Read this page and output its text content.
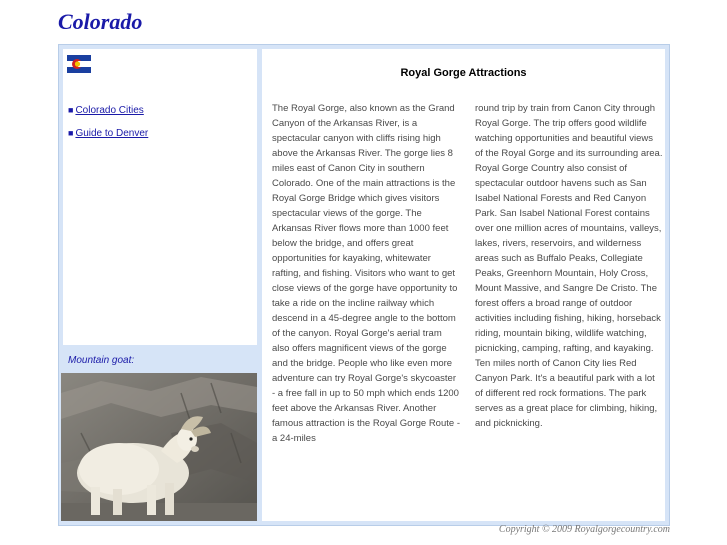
Colorado
■ Colorado Cities
■ Guide to Denver
Mountain goat:
Royal Gorge Attractions

The Royal Gorge, also known as the Grand Canyon of the Arkansas River, is a spectacular canyon with cliffs rising high above the Arkansas River. The gorge lies 8 miles east of Canon City in southern Colorado. One of the main attractions is the Royal Gorge Bridge which gives visitors spectacular views of the gorge. The Arkansas River flows more than 1000 feet below the bridge, and offers great opportunities for kayaking, whitewater rafting, and fishing. Visitors who want to get close views of the gorge have opportunity to take a ride on the incline railway which descend in a 45-degree angle to the bottom of the canyon. Royal Gorge's aerial tram also offers magnificent views of the gorge and the bridge. People who like even more adventure can try Royal Gorge's skycoaster - a free fall in up to 50 mph which ends 1200 feet above the Arkansas River. Another famous attraction is the Royal Gorge Route - a 24-miles

round trip by train from Canon City through Royal Gorge. The trip offers good wildlife watching opportunities and beautiful views of the Royal Gorge and its surrounding area. Royal Gorge Country also consist of spectacular outdoor havens such as San Isabel National Forests and Red Canyon Park. San Isabel National Forest contains over one million acres of mountains, valleys, lakes, rivers, reservoirs, and wilderness areas such as Buffalo Peaks, Collegiate Peaks, Greenhorn Mountain, Holy Cross, Mount Massive, and Sangre De Cristo. The forest offers a broad range of outdoor activities including fishing, hiking, horseback riding, mountain biking, wildlife watching, picnicking, camping, rafting, and kayaking. Ten miles north of Canon City lies Red Canyon Park. It's a beautiful park with a lot of different red rock formations. The park serves as a great place for climbing, hiking, and picknicking.

Copyright © 2009 Royalgorgecountry.com
